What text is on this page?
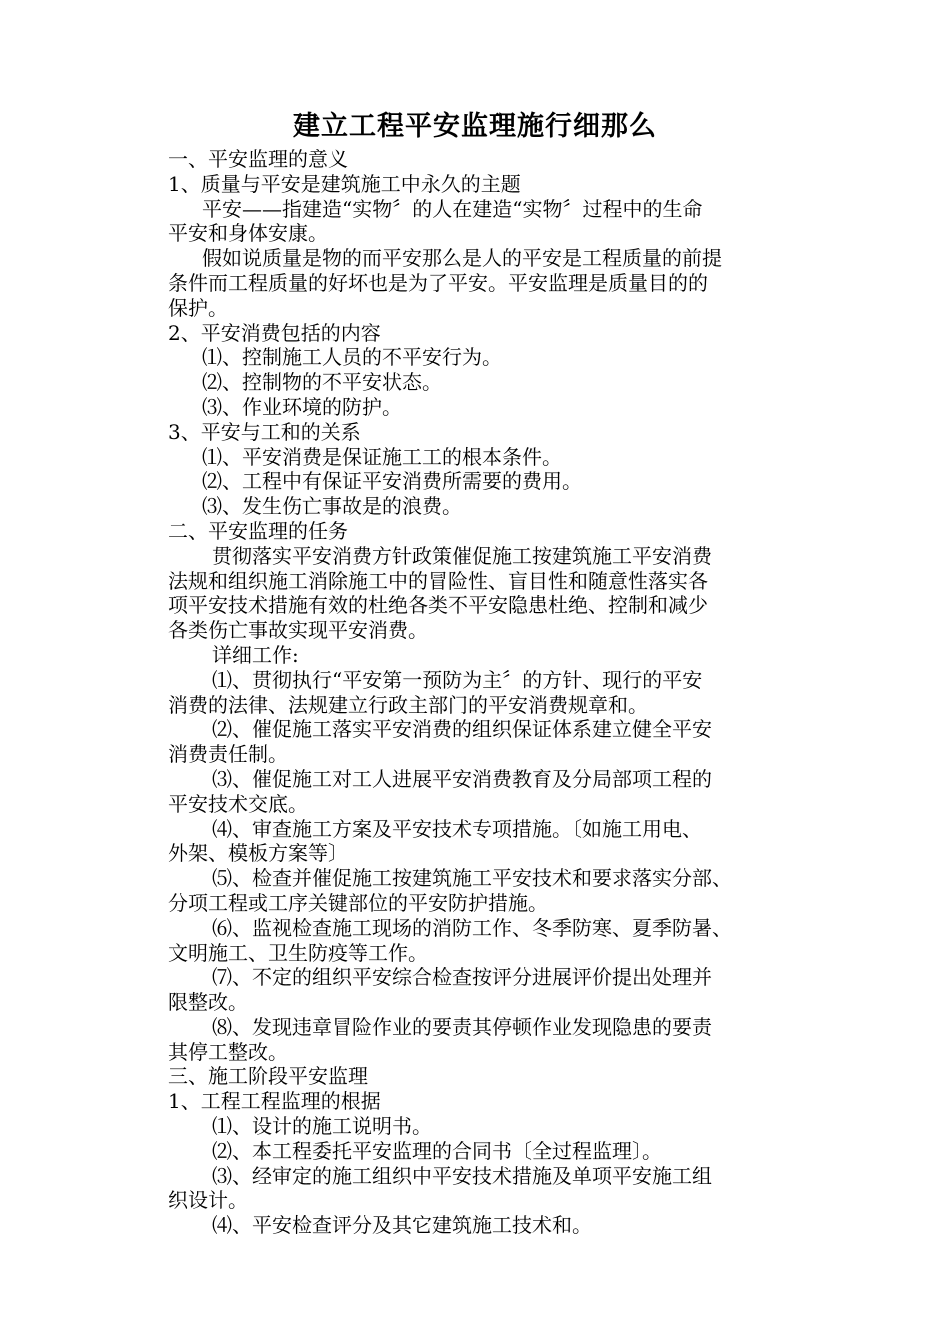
建立工程平安监理施行细那么
一、平安监理的意义
1、质量与平安是建筑施工中永久的主题
平安——指建造“实物〞的人在建造“实物〞过程中的生命
平安和身体安康。
假如说质量是物的而平安那么是人的平安是工程质量的前提
条件而工程质量的好坏也是为了平安。平安监理是质量目的的
保护。
2、平安消费包括的内容
⑴、控制施工人员的不平安行为。
⑵、控制物的不平安状态。
⑶、作业环境的防护。
3、平安与工和的关系
⑴、平安消费是保证施工工的根本条件。
⑵、工程中有保证平安消费所需要的费用。
⑶、发生伤亡事故是的浪费。
二、平安监理的任务
贯彻落实平安消费方针政策催促施工按建筑施工平安消费
法规和组织施工消除施工中的冒险性、盲目性和随意性落实各
项平安技术措施有效的杜绝各类不平安隐患杜绝、控制和减少
各类伤亡事故实现平安消费。
详细工作:
⑴、贯彻执行“平安第一预防为主〞的方针、现行的平安
消费的法律、法规建立行政主部门的平安消费规章和。
⑵、催促施工落实平安消费的组织保证体系建立健全平安
消费责任制。
⑶、催促施工对工人进展平安消费教育及分局部项工程的
平安技术交底。
⑷、审查施工方案及平安技术专项措施。〔如施工用电、
外架、模板方案等〕
⑸、检查并催促施工按建筑施工平安技术和要求落实分部、
分项工程或工序关键部位的平安防护措施。
⑹、监视检查施工现场的消防工作、冬季防寒、夏季防暑、
文明施工、卫生防疫等工作。
⑺、不定的组织平安综合检查按评分进展评价提出处理并
限整改。
⑻、发现违章冒险作业的要责其停顿作业发现隐患的要责
其停工整改。
三、施工阶段平安监理
1、工程工程监理的根据
⑴、设计的施工说明书。
⑵、本工程委托平安监理的合同书〔全过程监理〕。
⑶、经审定的施工组织中平安技术措施及单项平安施工组
织设计。
⑷、平安检查评分及其它建筑施工技术和。
